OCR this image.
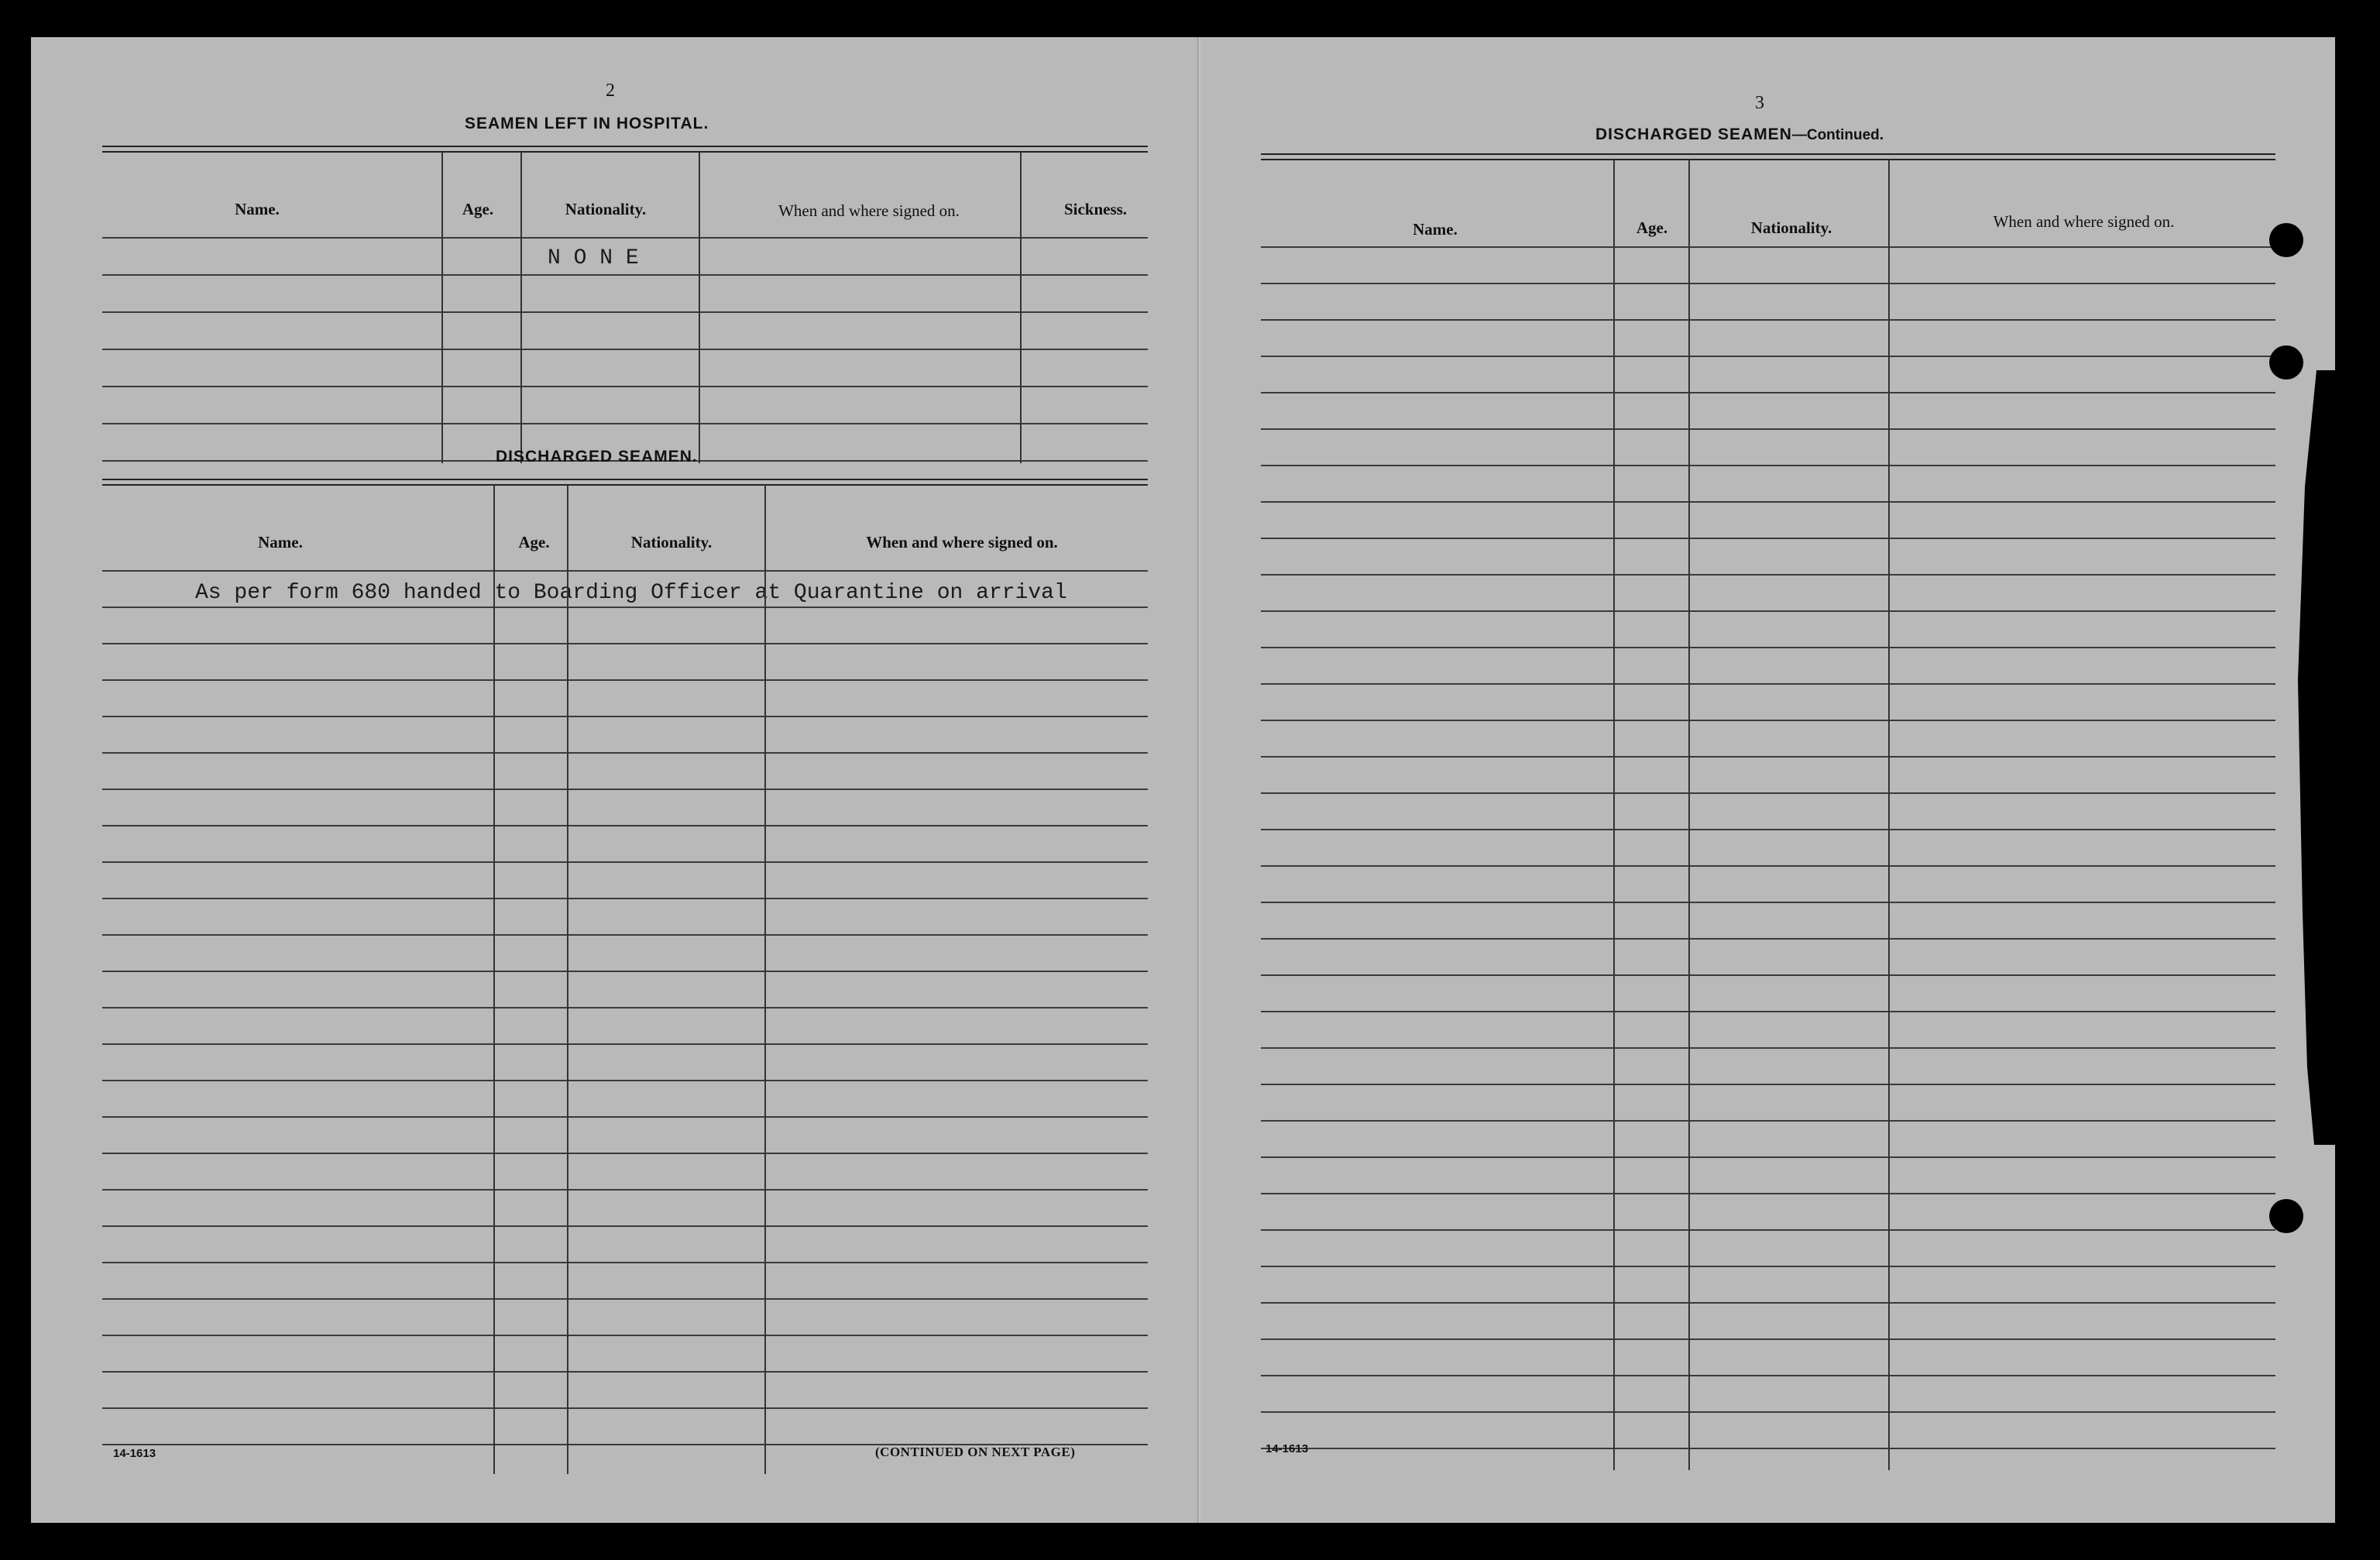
2
SEAMEN LEFT IN HOSPITAL.
Name.	Age.	Nationality.	When and where signed on.	Sickness.
N O N E
DISCHARGED SEAMEN.
Name.	Age.	Nationality.	When and where signed on.
As per form 680 handed to Boarding Officer at Quarantine on arrival
14-1613	(CONTINUED ON NEXT PAGE)
3
DISCHARGED SEAMEN—Continued.
Name.	Age.	Nationality.	When and where signed on.
14-1613
